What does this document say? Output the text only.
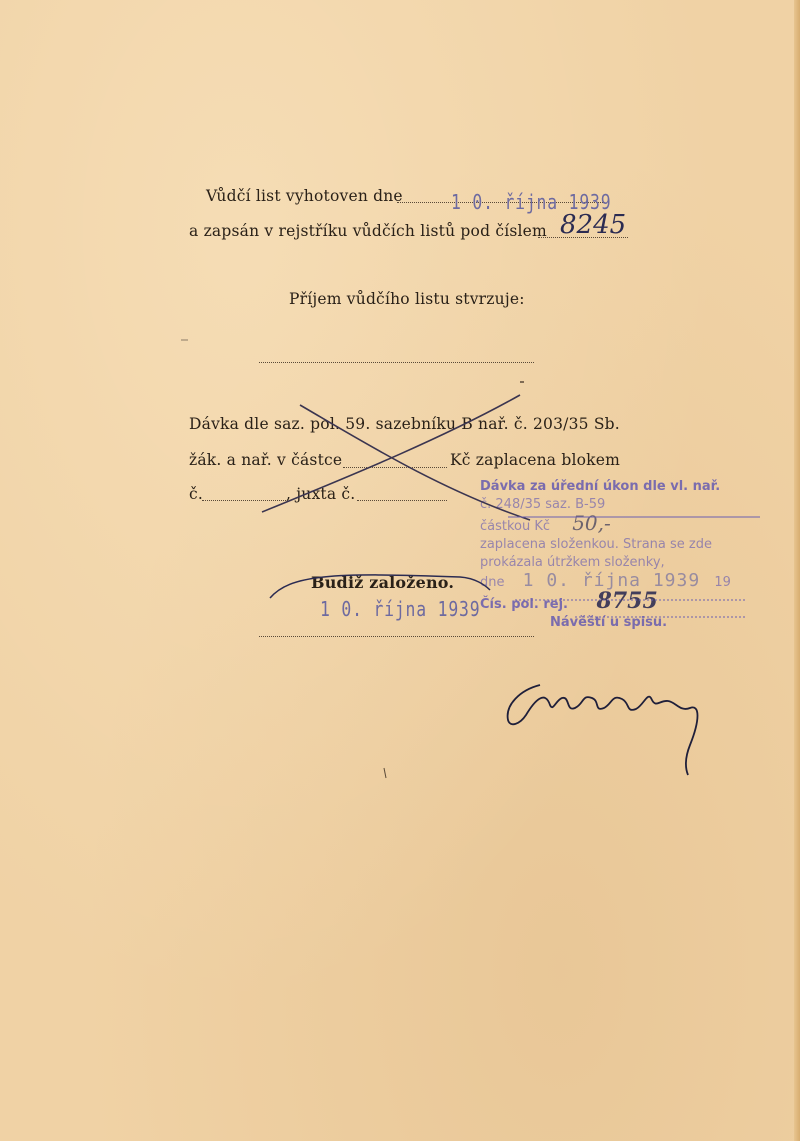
Vůdčí list vyhotoven dne 1 0. října 1939
a zapsán v rejstříku vůdčích listů pod číslem 8245
Příjem vůdčího listu stvrzuje:
Dávka dle saz. pol. 59. sazebníku B nař. č. 203/35 Sb.
žák. a nař. v částce	Kč zaplacena blokem
č.	, juxta č.
Budiž založeno.
1 0. října 1939
Dávka za úřední úkon dle vl. nař.
č. 248/35 saz. B-59
částkou Kč 50,-
zaplacena složenkou. Strana se zde
prokázala útržkem složenky,
dne 1 0. října 1939 19
Čís. pol. rej. 8755
Návěští u spisu.
